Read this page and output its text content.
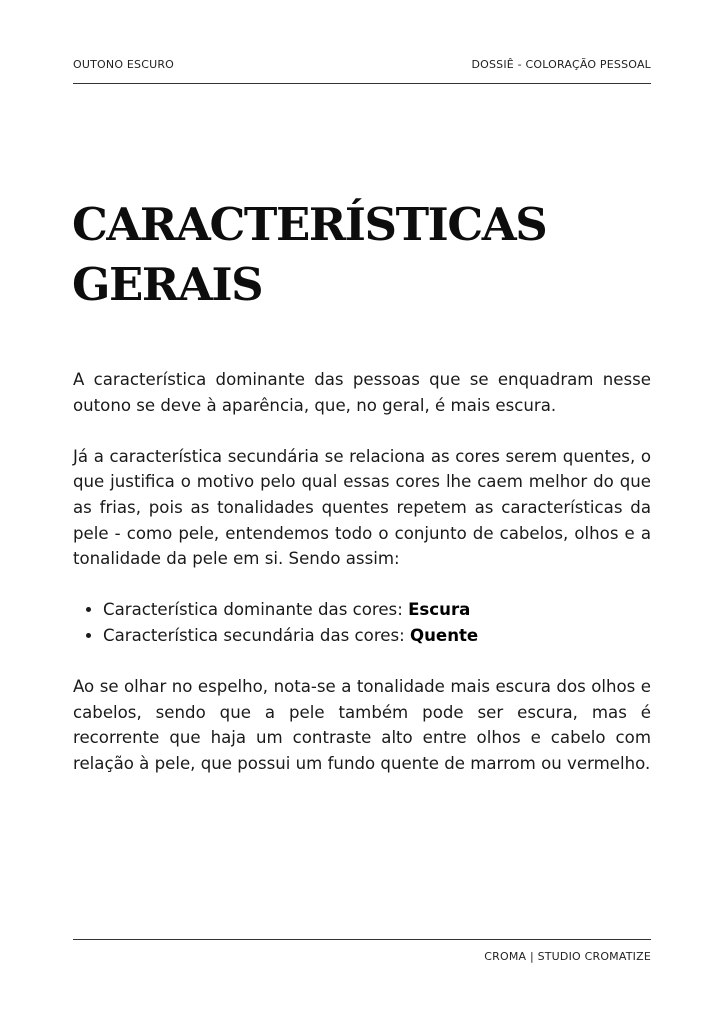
OUTONO ESCURO	DOSSIÊ - COLORAÇÃO PESSOAL
CARACTERÍSTICAS
GERAIS

A característica dominante das pessoas que se enquadram nesse outono se deve à aparência, que, no geral, é mais escura.

Já a característica secundária se relaciona as cores serem quentes, o que justifica o motivo pelo qual essas cores lhe caem melhor do que as frias, pois as tonalidades quentes repetem as características da pele - como pele, entendemos todo o conjunto de cabelos, olhos e a tonalidade da pele em si. Sendo assim:

• Característica dominante das cores: Escura
• Característica secundária das cores: Quente

Ao se olhar no espelho, nota-se a tonalidade mais escura dos olhos e cabelos, sendo que a pele também pode ser escura, mas é recorrente que haja um contraste alto entre olhos e cabelo com relação à pele, que possui um fundo quente de marrom ou vermelho.

CROMA | STUDIO CROMATIZE
